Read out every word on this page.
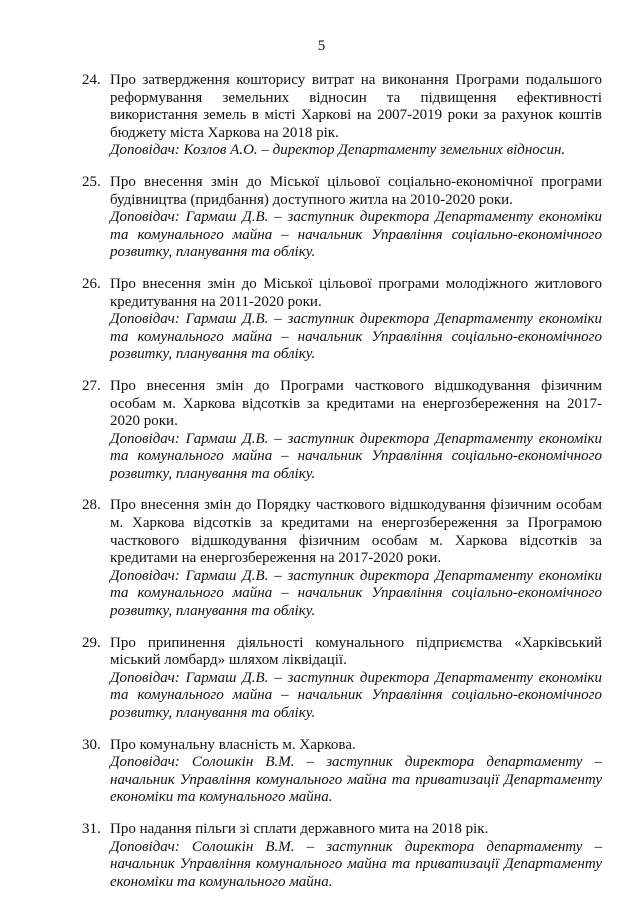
5
24. Про затвердження кошторису витрат на виконання Програми подальшого реформування земельних відносин та підвищення ефективності використання земель в місті Харкові на 2007-2019 роки за рахунок коштів бюджету міста Харкова на 2018 рік.
Доповідач: Козлов А.О. – директор Департаменту земельних відносин.
25. Про внесення змін до Міської цільової соціально-економічної програми будівництва (придбання) доступного житла на 2010-2020 роки.
Доповідач: Гармаш Д.В. – заступник директора Департаменту економіки та комунального майна – начальник Управління соціально-економічного розвитку, планування та обліку.
26. Про внесення змін до Міської цільової програми молодіжного житлового кредитування на 2011-2020 роки.
Доповідач: Гармаш Д.В. – заступник директора Департаменту економіки та комунального майна – начальник Управління соціально-економічного розвитку, планування та обліку.
27. Про внесення змін до Програми часткового відшкодування фізичним особам м. Харкова відсотків за кредитами на енергозбереження на 2017-2020 роки.
Доповідач: Гармаш Д.В. – заступник директора Департаменту економіки та комунального майна – начальник Управління соціально-економічного розвитку, планування та обліку.
28. Про внесення змін до Порядку часткового відшкодування фізичним особам м. Харкова відсотків за кредитами на енергозбереження за Програмою часткового відшкодування фізичним особам м. Харкова відсотків за кредитами на енергозбереження на 2017-2020 роки.
Доповідач: Гармаш Д.В. – заступник директора Департаменту економіки та комунального майна – начальник Управління соціально-економічного розвитку, планування та обліку.
29. Про припинення діяльності комунального підприємства «Харківський міський ломбард» шляхом ліквідації.
Доповідач: Гармаш Д.В. – заступник директора Департаменту економіки та комунального майна – начальник Управління соціально-економічного розвитку, планування та обліку.
30. Про комунальну власність м. Харкова.
Доповідач: Солошкін В.М. – заступник директора департаменту – начальник Управління комунального майна та приватизації Департаменту економіки та комунального майна.
31. Про надання пільги зі сплати державного мита на 2018 рік.
Доповідач: Солошкін В.М. – заступник директора департаменту – начальник Управління комунального майна та приватизації Департаменту економіки та комунального майна.
